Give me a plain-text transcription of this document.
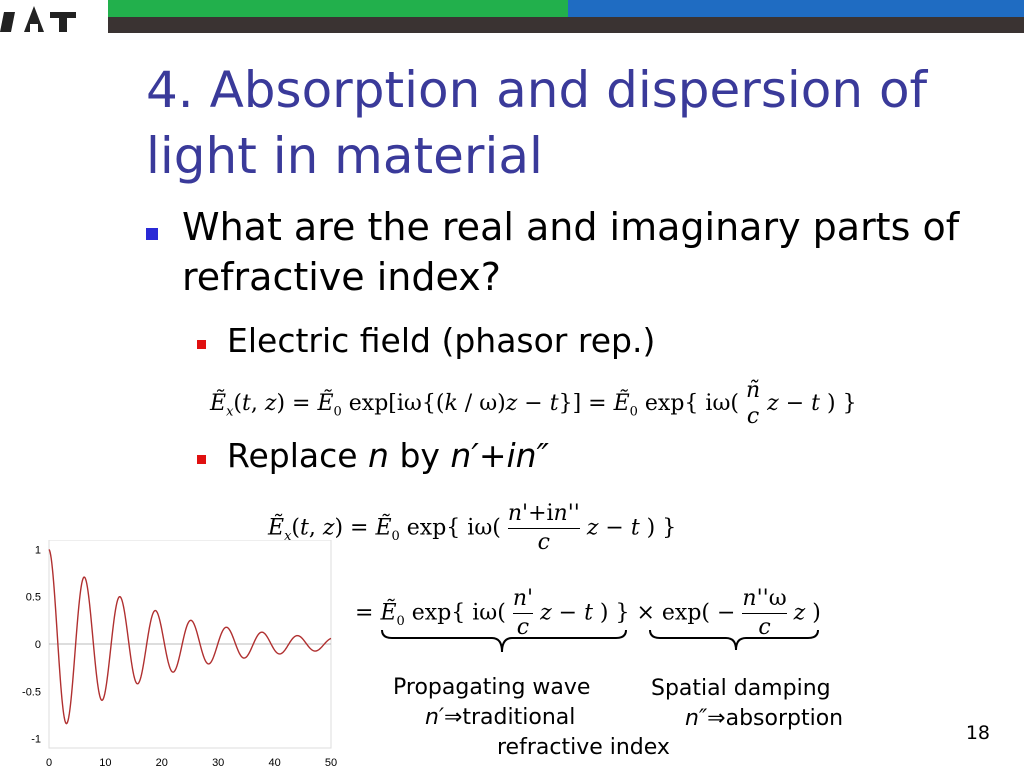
4. Absorption and dispersion of light in material
What are the real and imaginary parts of refractive index?
Electric field (phasor rep.)
Replace n by n′+in″
Ẽ$_x$(t, z) = Ẽ$_0$ exp[iω{(k / ω)z − t}] = Ẽ$_0$ exp{ iω( ñ
c z − t ) }
Ẽ$_x$(t, z) = Ẽ$_0$ exp{ $i\omega( \frac{n'+in''}{c}$ z − t ) }
= Ẽ$_0$ exp{ $i\omega( \frac{n'}{c}$ z − t ) } × $\exp( - \frac{n''\omega}{c}$ z )
Propagating wave
n′⇒traditional
refractive index
Spatial damping
n″⇒absorption
18
1
0.5
0
-0.5
-1
0	10	20	30	40	50
